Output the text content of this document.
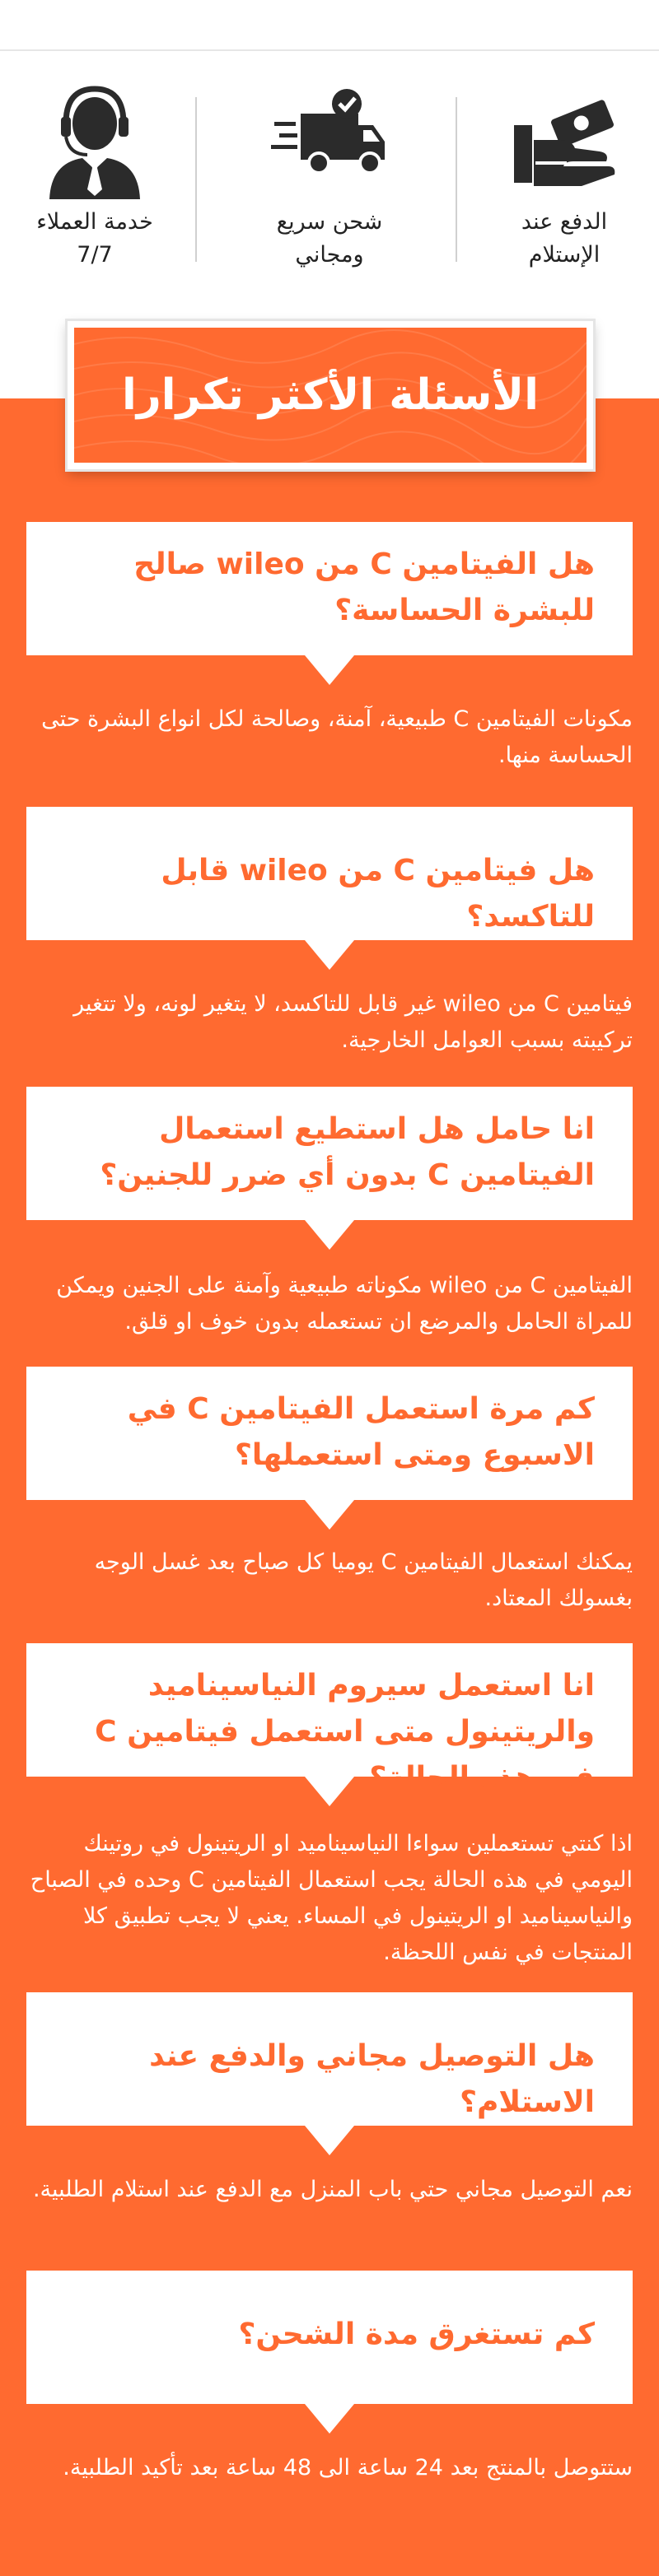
الدفع عند
الإستلام
شحن سريع
ومجاني
خدمة العملاء
7/7
الأسئلة الأكثر تكرارا
هل الفيتامين C من wileo صالح للبشرة الحساسة؟
مكونات الفيتامين C طبيعية، آمنة، وصالحة لكل انواع البشرة حتى الحساسة منها.
هل فيتامين C من wileo قابل للتاكسد؟
فيتامين C من wileo غير قابل للتاكسد، لا يتغير لونه، ولا تتغير تركيبته بسبب العوامل الخارجية.
انا حامل هل استطيع استعمال الفيتامين C بدون أي ضرر للجنين؟
الفيتامين C من wileo مكوناته طبيعية وآمنة على الجنين ويمكن للمراة الحامل والمرضع ان تستعمله بدون خوف او قلق.
كم مرة استعمل الفيتامين C في الاسبوع ومتى استعملها؟
يمكنك استعمال الفيتامين C يوميا كل صباح بعد غسل الوجه بغسولك المعتاد.
انا استعمل سيروم النياسيناميد والريتينول متى استعمل فيتامين C في هذه الحالة؟
اذا كنتي تستعملين سواءا النياسيناميد او الريتينول في روتينك اليومي في هذه الحالة يجب استعمال الفيتامين C وحده في الصباح والنياسيناميد او الريتينول في المساء. يعني لا يجب تطبيق كلا المنتجات في نفس اللحظة.
هل التوصيل مجاني والدفع عند الاستلام؟
نعم التوصيل مجاني حتي باب المنزل مع الدفع عند استلام الطلبية.
كم تستغرق مدة الشحن؟
ستتوصل بالمنتج بعد 24 ساعة الى 48 ساعة بعد تأكيد الطلبية.
